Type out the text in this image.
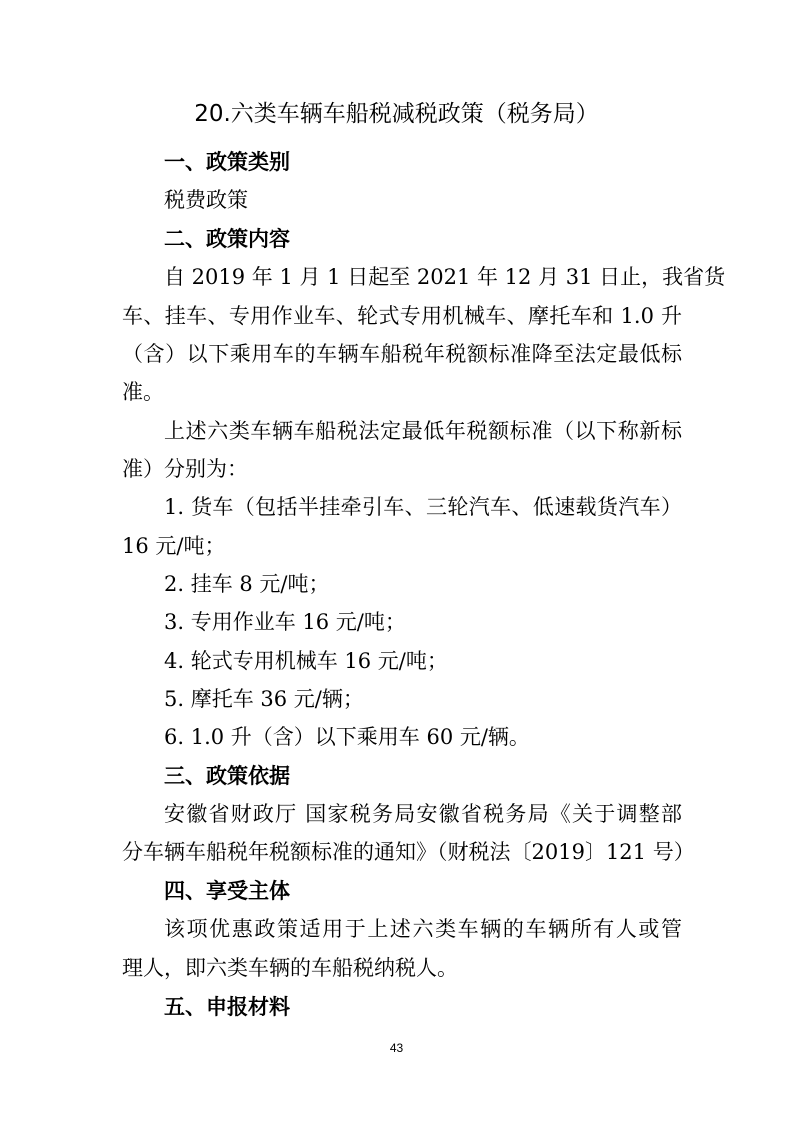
20.六类车辆车船税减税政策（税务局）
一、政策类别
税费政策
二、政策内容
自 2019 年 1 月 1 日起至 2021 年 12 月 31 日止，我省货
车、挂车、专用作业车、轮式专用机械车、摩托车和 1.0 升
（含）以下乘用车的车辆车船税年税额标准降至法定最低标
准。
上述六类车辆车船税法定最低年税额标准（以下称新标
准）分别为：
1. 货车（包括半挂牵引车、三轮汽车、低速载货汽车）
16 元/吨；
2. 挂车 8 元/吨；
3. 专用作业车 16 元/吨；
4. 轮式专用机械车 16 元/吨；
5. 摩托车 36 元/辆；
6. 1.0 升（含）以下乘用车 60 元/辆。
三、政策依据
安徽省财政厅 国家税务局安徽省税务局《关于调整部
分车辆车船税年税额标准的通知》（财税法〔2019〕121 号）
四、享受主体
该项优惠政策适用于上述六类车辆的车辆所有人或管
理人，即六类车辆的车船税纳税人。
五、申报材料
43
